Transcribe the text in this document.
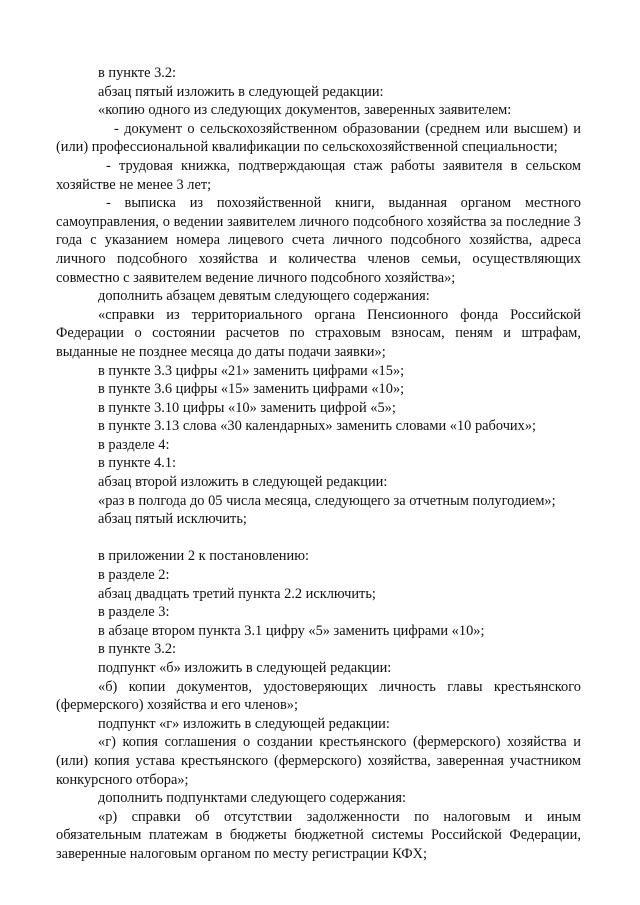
в пункте 3.2:

абзац пятый изложить в следующей редакции:

«копию одного из следующих документов, заверенных заявителем:

- документ о сельскохозяйственном образовании (среднем или высшем) и (или) профессиональной квалификации по сельскохозяйственной специальности;

- трудовая книжка, подтверждающая стаж работы заявителя в сельском хозяйстве не менее 3 лет;

- выписка из похозяйственной книги, выданная органом местного самоуправления, о ведении заявителем личного подсобного хозяйства за последние 3 года с указанием номера лицевого счета личного подсобного хозяйства, адреса личного подсобного хозяйства и количества членов семьи, осуществляющих совместно с заявителем ведение личного подсобного хозяйства»;

дополнить абзацем девятым следующего содержания:

«справки из территориального органа Пенсионного фонда Российской Федерации о состоянии расчетов по страховым взносам, пеням и штрафам, выданные не позднее месяца до даты подачи заявки»;

в пункте 3.3 цифры «21» заменить цифрами «15»;

в пункте 3.6 цифры «15» заменить цифрами «10»;

в пункте 3.10 цифры «10» заменить цифрой «5»;

в пункте 3.13 слова «30 календарных» заменить словами «10 рабочих»;

в разделе 4:

в пункте 4.1:

абзац второй изложить в следующей редакции:

«раз в полгода до 05 числа месяца, следующего за отчетным полугодием»;

абзац пятый исключить;

в приложении 2 к постановлению:

в разделе 2:

абзац двадцать третий пункта 2.2 исключить;

в разделе 3:

в абзаце втором пункта 3.1 цифру «5» заменить цифрами «10»;

в пункте 3.2:

подпункт «б» изложить в следующей редакции:

«б) копии документов, удостоверяющих личность главы крестьянского (фермерского) хозяйства и его членов»;

подпункт «г» изложить в следующей редакции:

«г) копия соглашения о создании крестьянского (фермерского) хозяйства и (или) копия устава крестьянского (фермерского) хозяйства, заверенная участником конкурсного отбора»;

дополнить подпунктами следующего содержания:

«р) справки об отсутствии задолженности по налоговым и иным обязательным платежам в бюджеты бюджетной системы Российской Федерации, заверенные налоговым органом по месту регистрации КФХ;
